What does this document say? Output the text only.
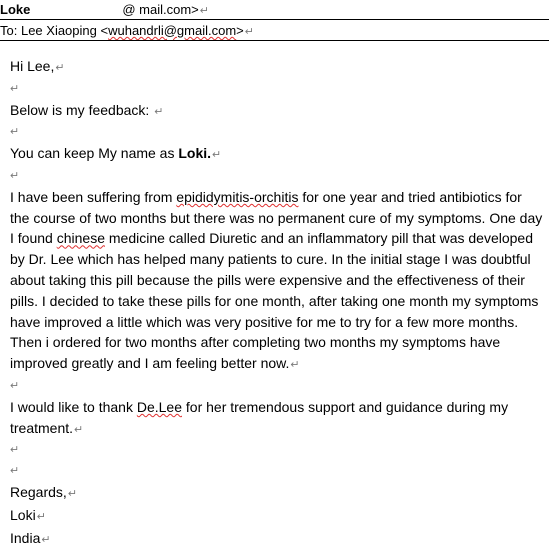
Loke	@ mail.com>↵
To: Lee Xiaoping <wuhandrli@gmail.com>↵

Hi Lee,↵

↵

Below is my feedback: ↵

↵

You can keep My name as Loki.↵

↵

I have been suffering from epididymitis-orchitis for one year and tried antibiotics for the course of two months but there was no permanent cure of my symptoms. One day I found chinese medicine called Diuretic and an inflammatory pill that was developed by Dr. Lee which has helped many patients to cure. In the initial stage I was doubtful about taking this pill because the pills were expensive and the effectiveness of their pills. I decided to take these pills for one month, after taking one month my symptoms have improved a little which was very positive for me to try for a few more months. Then i ordered for two months after completing two months my symptoms have improved greatly and I am feeling better now.↵

↵

I would like to thank De.Lee for her tremendous support and guidance during my treatment.↵

↵
↵

Regards,↵

Loki↵

India↵
